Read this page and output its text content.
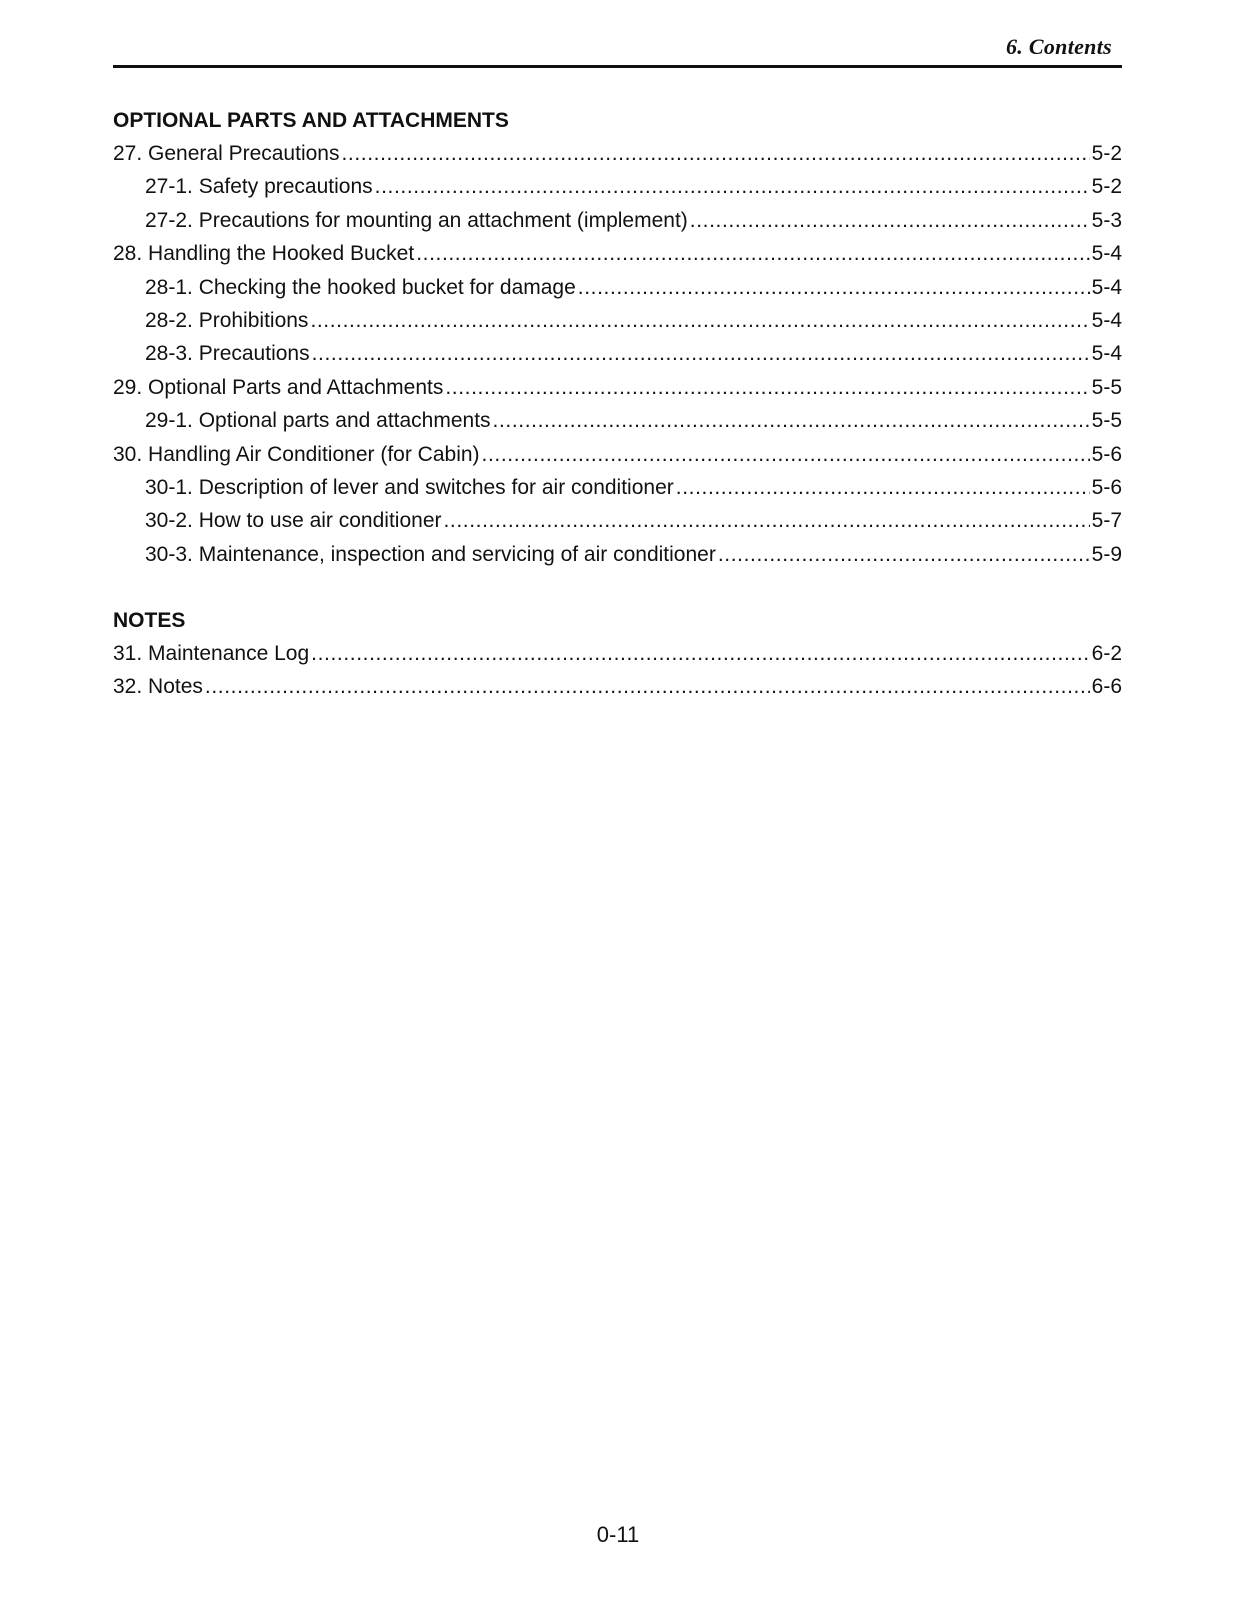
6. Contents
OPTIONAL PARTS AND ATTACHMENTS
27. General Precautions .....	5-2
27-1. Safety precautions .....	5-2
27-2. Precautions for mounting an attachment (implement) .....	5-3
28. Handling the Hooked Bucket .....	5-4
28-1. Checking the hooked bucket for damage .....	5-4
28-2. Prohibitions .....	5-4
28-3. Precautions .....	5-4
29. Optional Parts and Attachments .....	5-5
29-1. Optional parts and attachments .....	5-5
30. Handling Air Conditioner (for Cabin) .....	5-6
30-1. Description of lever and switches for air conditioner .....	5-6
30-2. How to use air conditioner .....	5-7
30-3. Maintenance, inspection and servicing of air conditioner .....	5-9
NOTES
31. Maintenance Log .....	6-2
32. Notes .....	6-6
0-11
